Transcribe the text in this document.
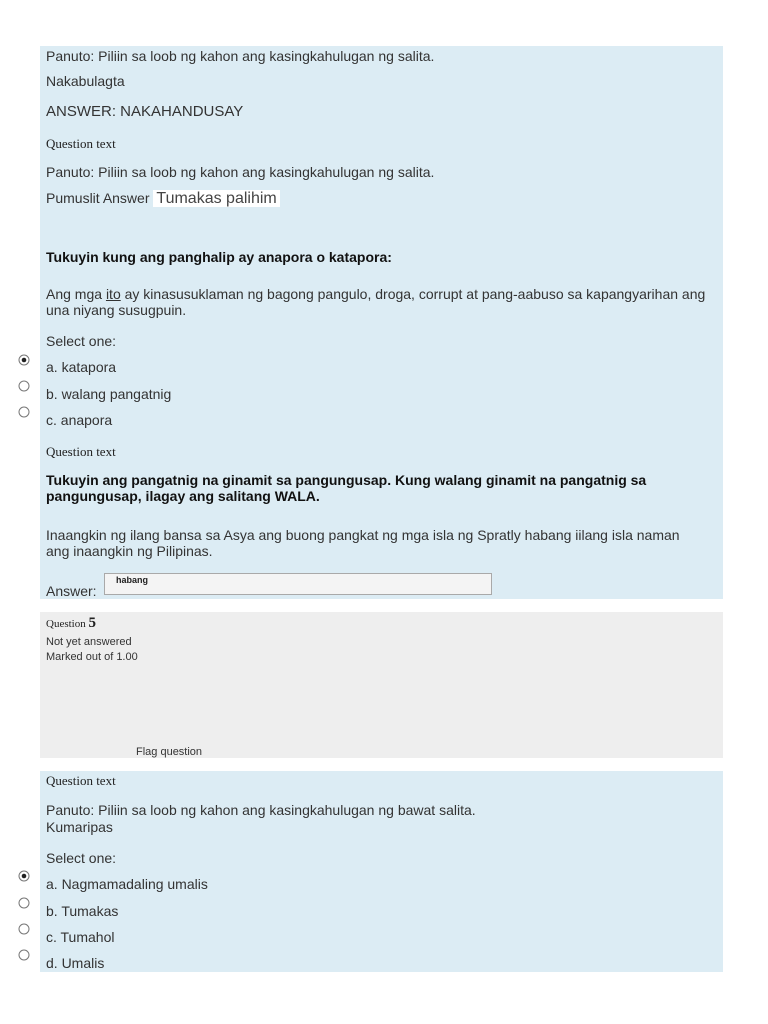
Panuto: Piliin sa loob ng kahon ang kasingkahulugan ng salita.
Nakabulagta
ANSWER: NAKAHANDUSAY
Question text
Panuto: Piliin sa loob ng kahon ang kasingkahulugan ng salita.
Pumuslit Answer Tumakas palihim
Tukuyin kung ang panghalip ay anapora o katapora:
Ang mga ito ay kinasusuklaman ng bagong pangulo, droga, corrupt at pang-aabuso sa kapangyarihan ang una niyang susugpuin.
Select one:
a. katapora
b. walang pangatnig
c. anapora
Question text
Tukuyin ang pangatnig na ginamit sa pangungusap. Kung walang ginamit na pangatnig sa pangungusap, ilagay ang salitang WALA.
Inaangkin ng ilang bansa sa Asya ang buong pangkat ng mga isla ng Spratly habang iilang isla naman ang inaangkin ng Pilipinas.
Answer:
habang
Question 5
Not yet answered
Marked out of 1.00
Flag question
Question text
Panuto: Piliin sa loob ng kahon ang kasingkahulugan ng bawat salita.
Kumaripas
Select one:
a. Nagmamadaling umalis
b. Tumakas
c. Tumahol
d. Umalis
